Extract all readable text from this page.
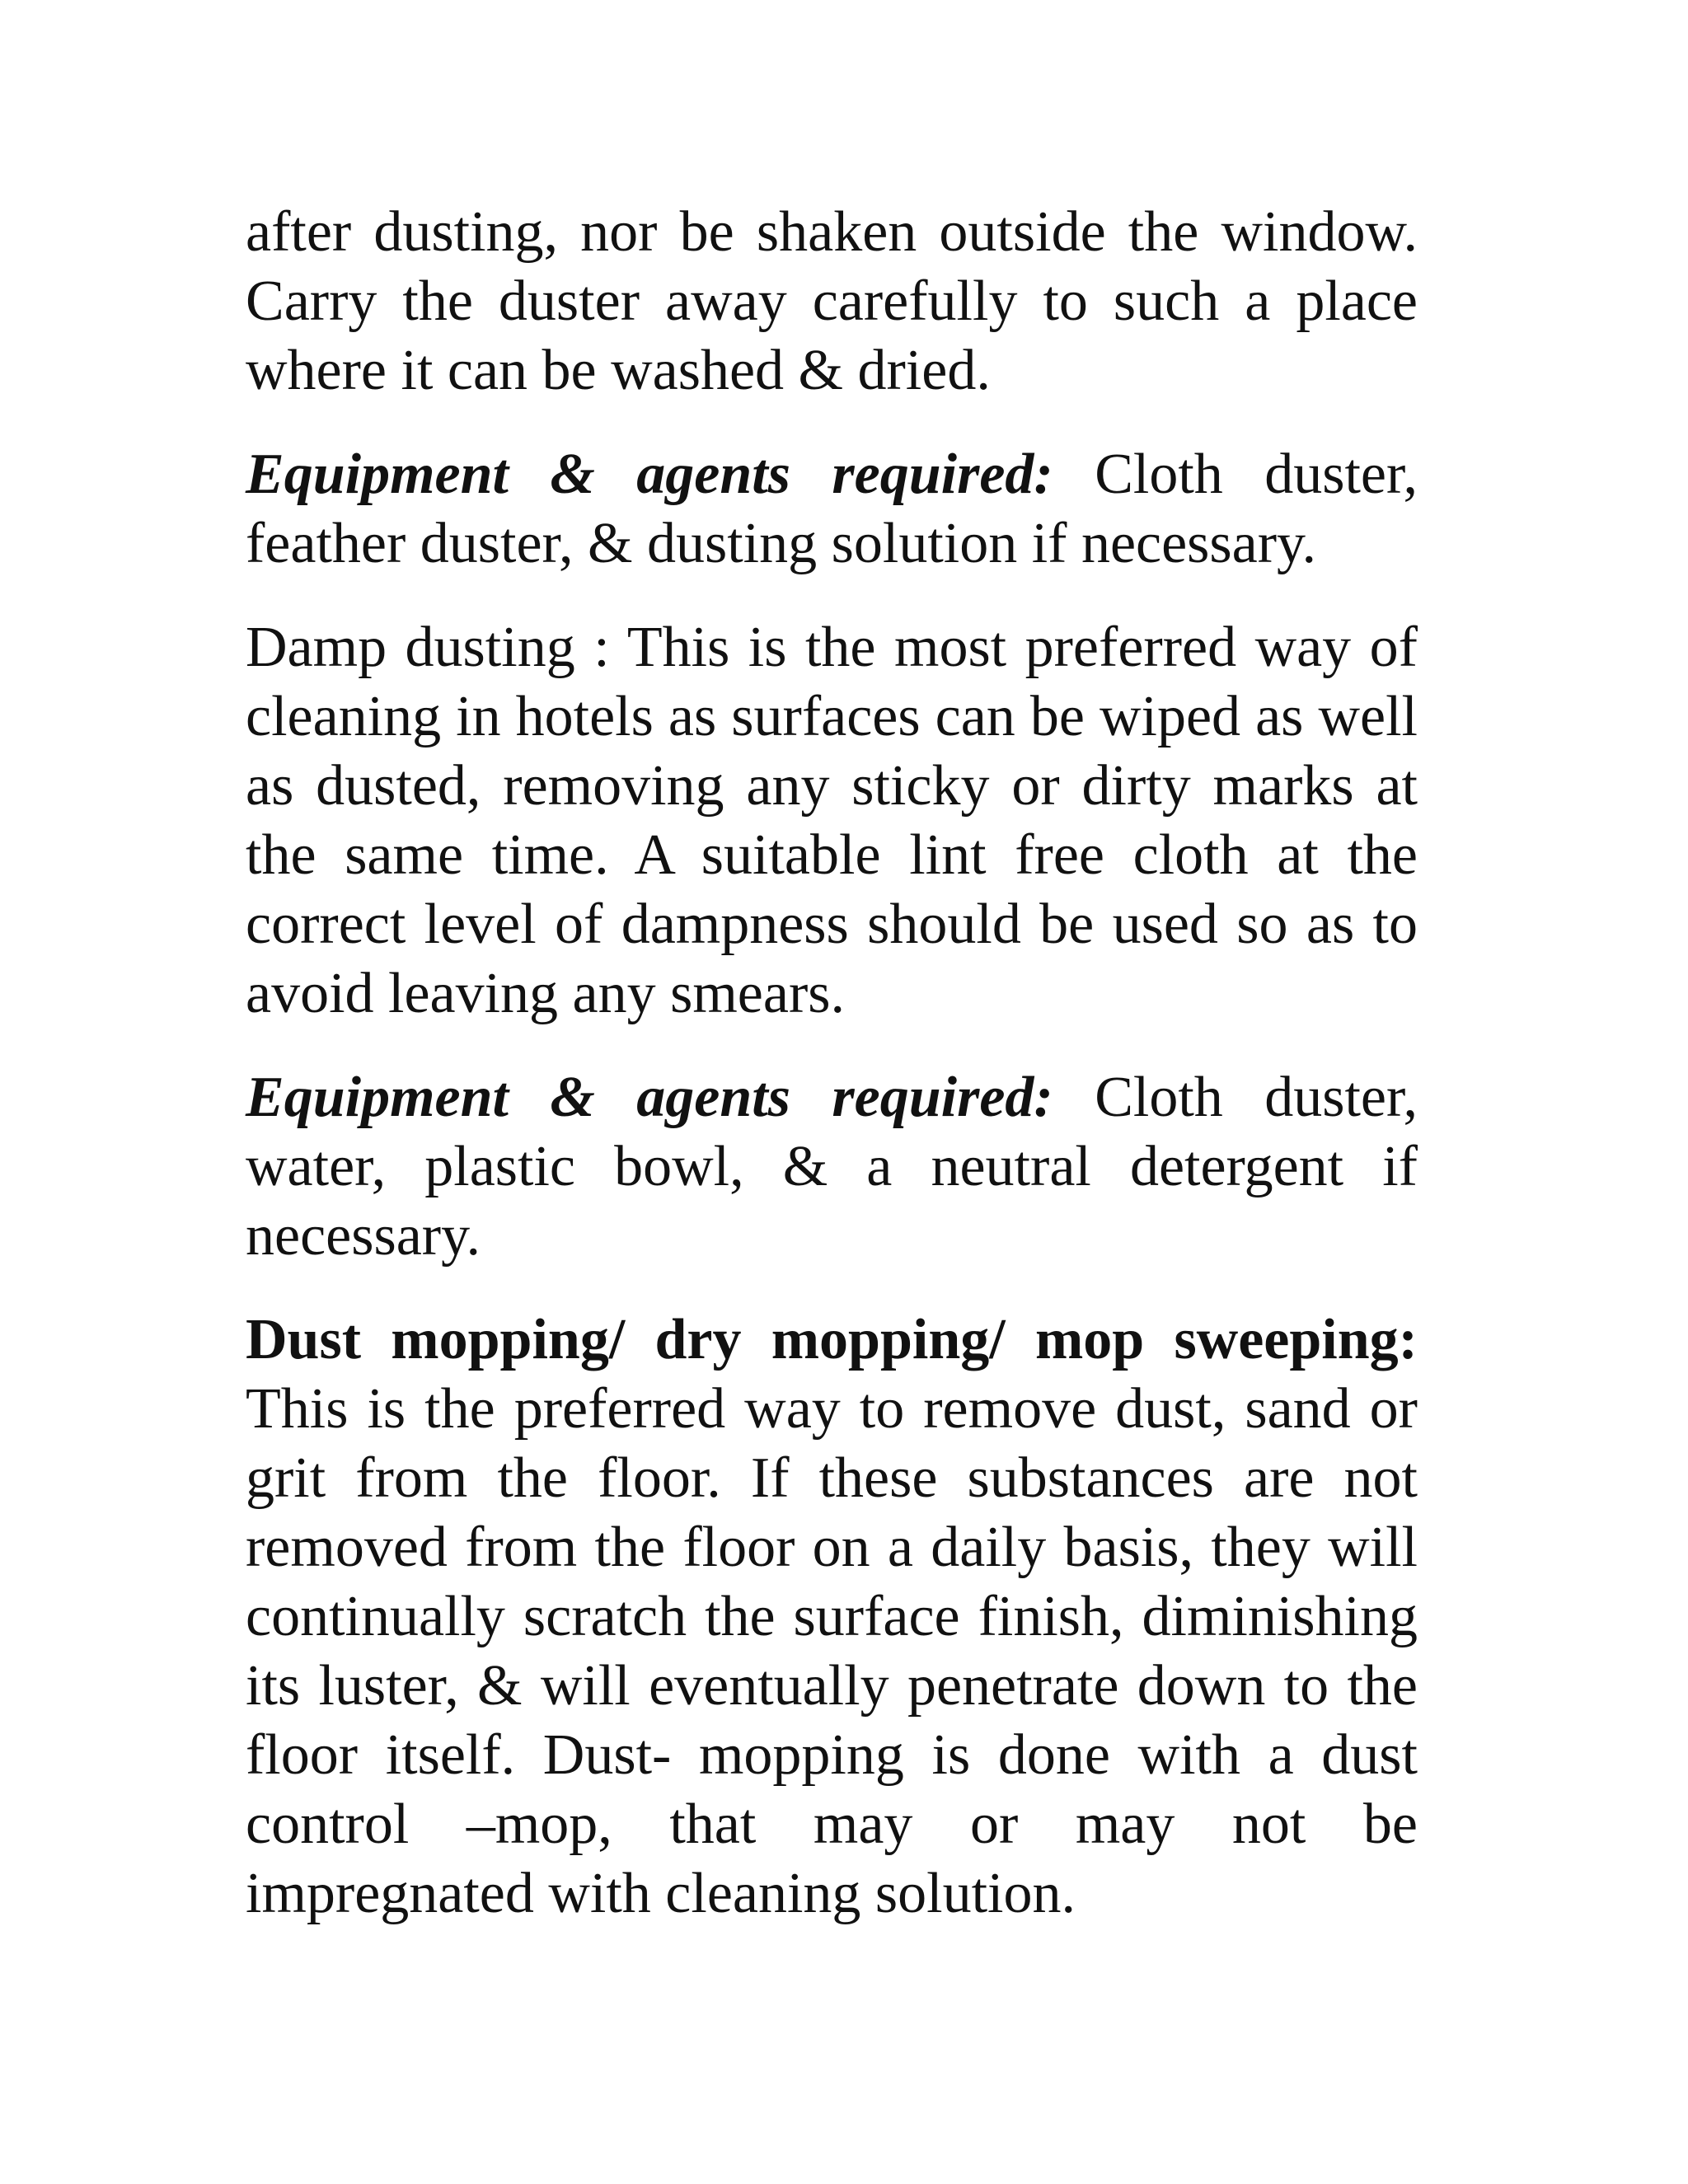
after dusting, nor be shaken outside the window. Carry the duster away carefully to such a place where it can be washed & dried.

Equipment & agents required: Cloth duster, feather duster, & dusting solution if necessary.

Damp dusting : This is the most preferred way of cleaning in hotels as surfaces can be wiped as well as dusted, removing any sticky or dirty marks at the same time. A suitable lint free cloth at the correct level of dampness should be used so as to avoid leaving any smears.

Equipment & agents required: Cloth duster, water, plastic bowl, & a neutral detergent if necessary.

Dust mopping/ dry mopping/ mop sweeping: This is the preferred way to remove dust, sand or grit from the floor. If these substances are not removed from the floor on a daily basis, they will continually scratch the surface finish, diminishing its luster, & will eventually penetrate down to the floor itself. Dust- mopping is done with a dust control –mop, that may or may not be impregnated with cleaning solution.
